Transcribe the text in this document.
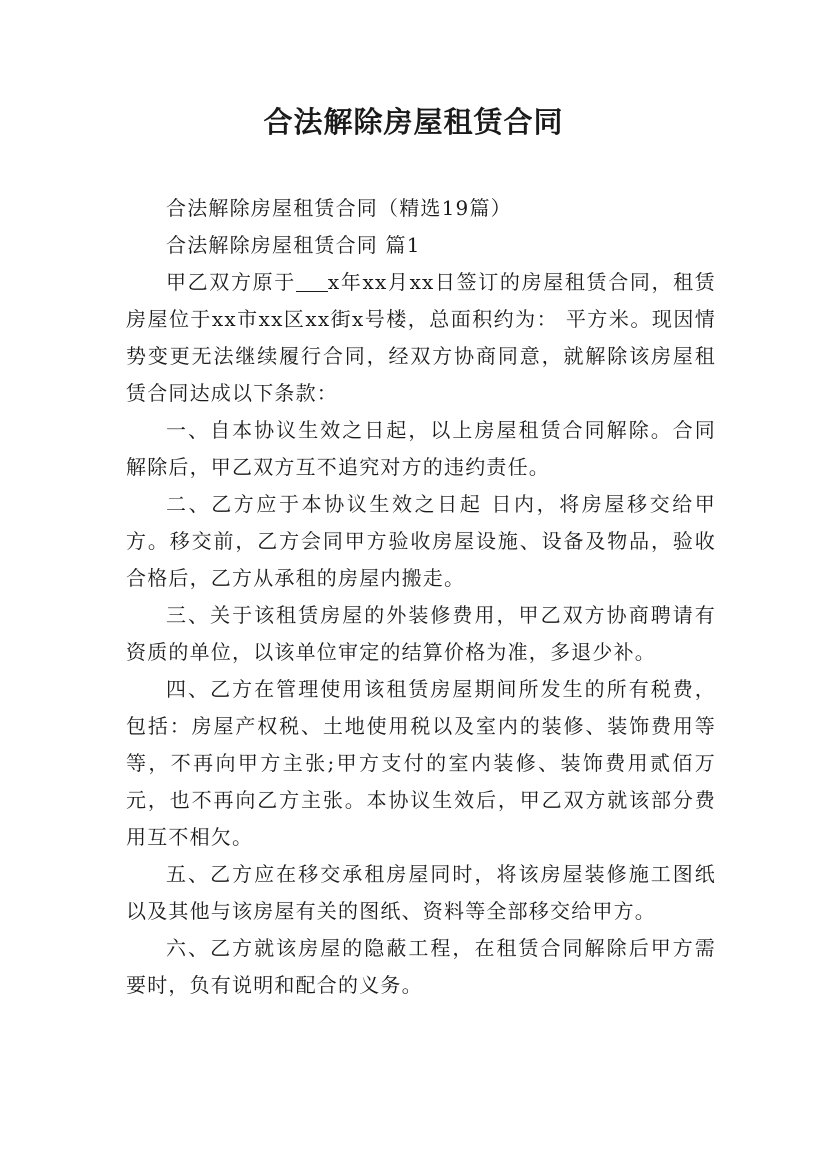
合法解除房屋租赁合同

合法解除房屋租赁合同（精选19篇）

合法解除房屋租赁合同 篇1

甲乙双方原于 x年xx月xx日签订的房屋租赁合同，租赁房屋位于xx市xx区xx街x号楼，总面积约为： 平方米。现因情势变更无法继续履行合同，经双方协商同意，就解除该房屋租赁合同达成以下条款：

一、自本协议生效之日起，以上房屋租赁合同解除。合同解除后，甲乙双方互不追究对方的违约责任。

二、乙方应于本协议生效之日起 日内，将房屋移交给甲方。移交前，乙方会同甲方验收房屋设施、设备及物品，验收合格后，乙方从承租的房屋内搬走。

三、关于该租赁房屋的外装修费用，甲乙双方协商聘请有资质的单位，以该单位审定的结算价格为准，多退少补。

四、乙方在管理使用该租赁房屋期间所发生的所有税费，包括：房屋产权税、土地使用税以及室内的装修、装饰费用等等，不再向甲方主张;甲方支付的室内装修、装饰费用贰佰万元，也不再向乙方主张。本协议生效后，甲乙双方就该部分费用互不相欠。

五、乙方应在移交承租房屋同时，将该房屋装修施工图纸以及其他与该房屋有关的图纸、资料等全部移交给甲方。

六、乙方就该房屋的隐蔽工程，在租赁合同解除后甲方需要时，负有说明和配合的义务。
